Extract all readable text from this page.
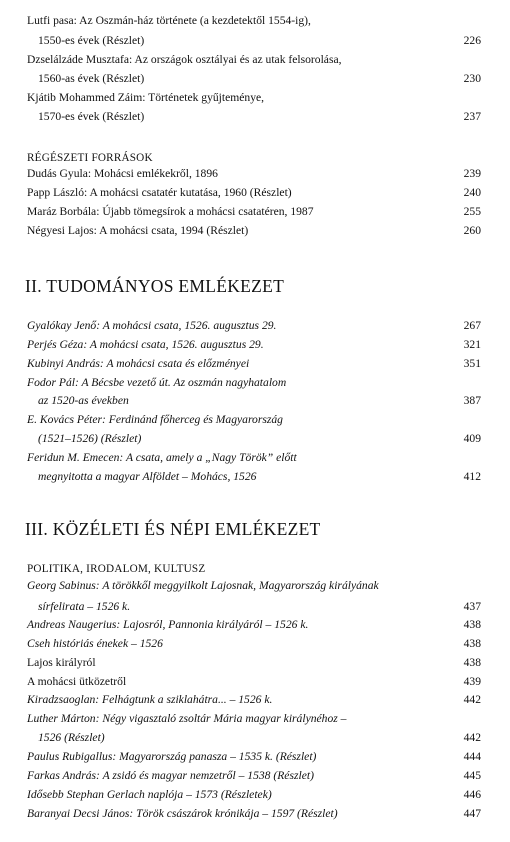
Lutfi pasa: Az Oszmán-ház története (a kezdetektől 1554-ig),
1550-es évek (Részlet)	226
Dzselálzáde Musztafa: Az országok osztályai és az utak felsorolása,
1560-as évek (Részlet)	230
Kjátib Mohammed Záim: Történetek gyűjteménye,
1570-es évek (Részlet)	237
RÉGÉSZETI FORRÁSOK
Dudás Gyula: Mohácsi emlékekről, 1896	239
Papp László: A mohácsi csatatér kutatása, 1960 (Részlet)	240
Maráz Borbála: Újabb tömegsírok a mohácsi csatatéren, 1987	255
Négyesi Lajos: A mohácsi csata, 1994 (Részlet)	260
II. TUDOMÁNYOS EMLÉKEZET
Gyalókay Jenő: A mohácsi csata, 1526. augusztus 29.	267
Perjés Géza: A mohácsi csata, 1526. augusztus 29.	321
Kubinyi András: A mohácsi csata és előzményei	351
Fodor Pál: A Bécsbe vezető út. Az oszmán nagyhatalom
az 1520-as években	387
E. Kovács Péter: Ferdinánd főherceg és Magyarország
(1521–1526) (Részlet)	409
Feridun M. Emecen: A csata, amely a „Nagy Török” előtt
megnyitotta a magyar Alföldet – Mohács, 1526	412
III. KÖZÉLETI ÉS NÉPI EMLÉKEZET
POLITIKA, IRODALOM, KULTUSZ
Georg Sabinus: A törökkől meggyilkolt Lajosnak, Magyarország királyának
sírfelirata – 1526 k.	437
Andreas Naugerius: Lajosról, Pannonia királyáról – 1526 k.	438
Cseh históriás énekek – 1526	438
Lajos királyról	438
A mohácsi ütközetről	439
Kiradzsaoglan: Felhágtunk a sziklahátra... – 1526 k.	442
Luther Márton: Négy vigasztaló zsoltár Mária magyar királynéhoz –
1526 (Részlet)	442
Paulus Rubigallus: Magyarország panasza – 1535 k. (Részlet)	444
Farkas András: A zsidó és magyar nemzetről – 1538 (Részlet)	445
Idősebb Stephan Gerlach naplója – 1573 (Részletek)	446
Baranyai Decsi János: Török császárok krónikája – 1597 (Részlet)	447
